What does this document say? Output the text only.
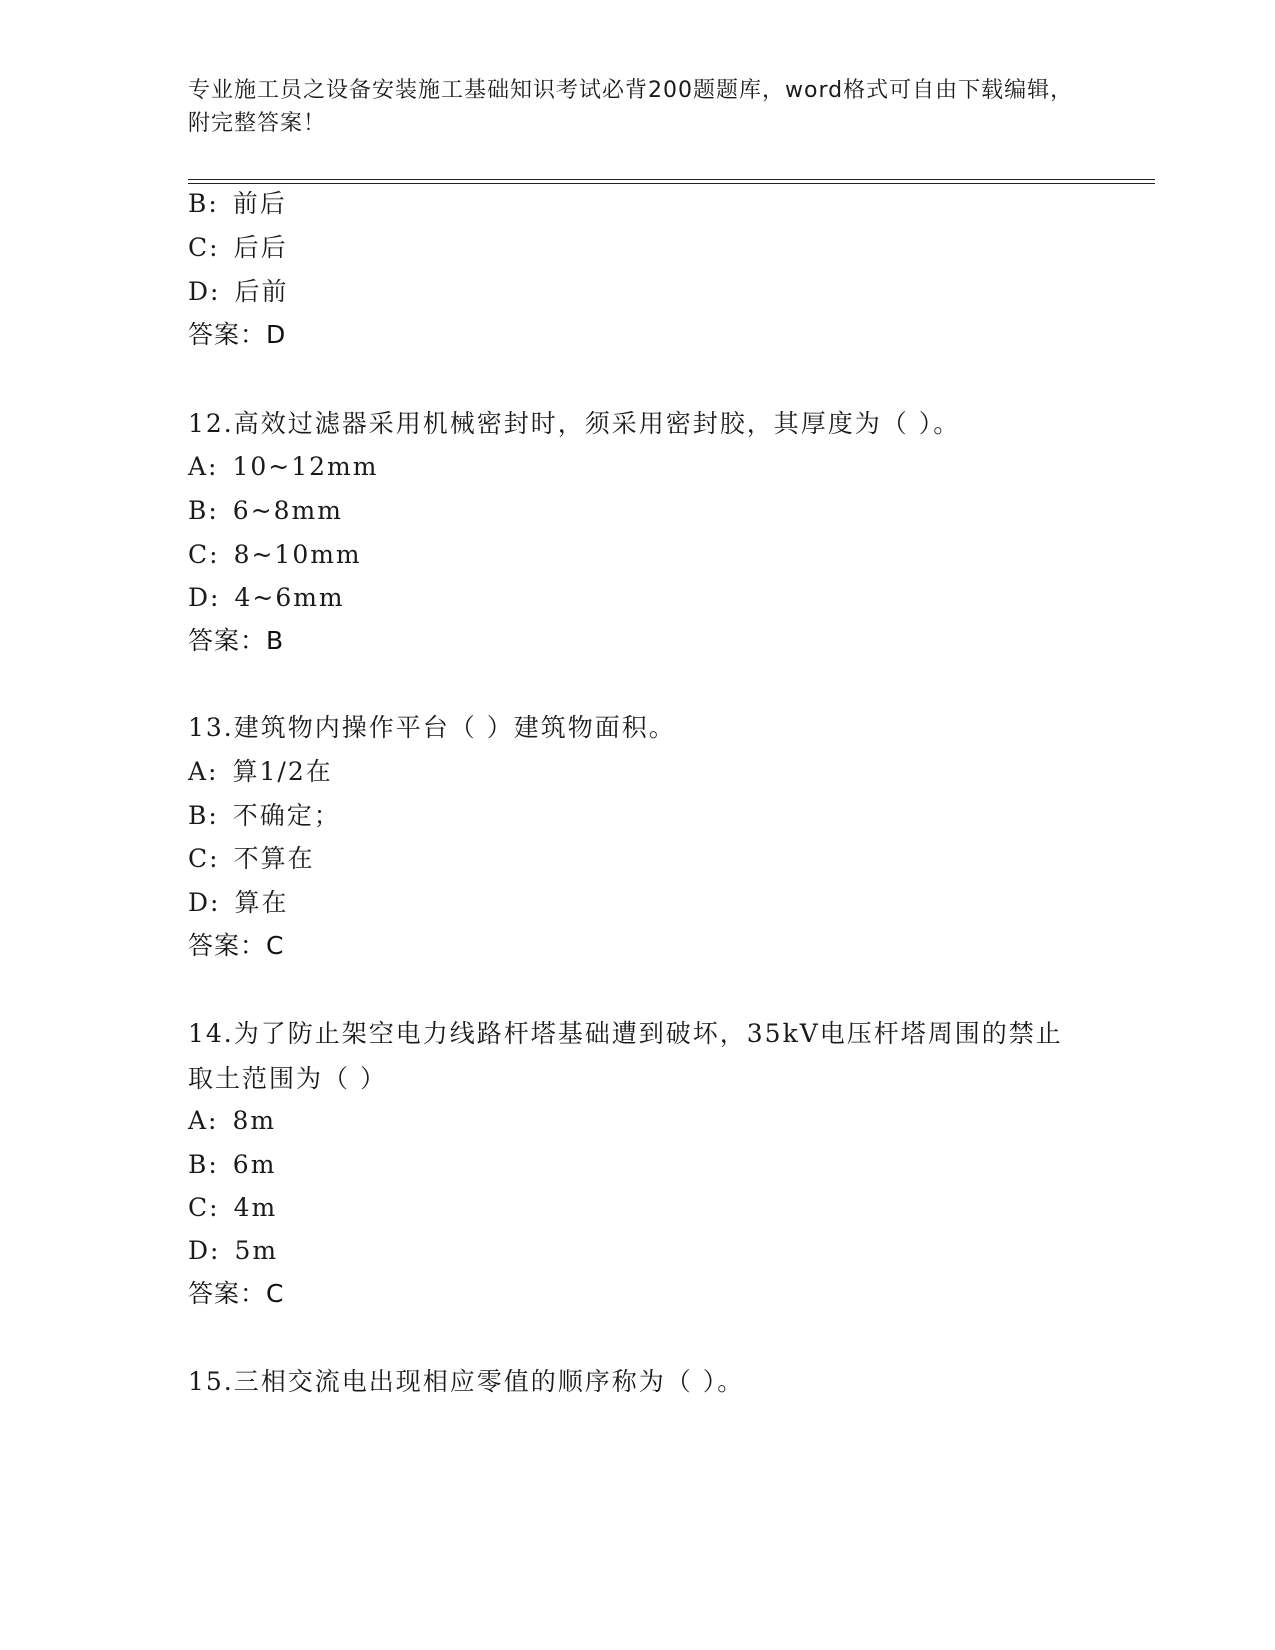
专业施工员之设备安装施工基础知识考试必背200题题库，word格式可自由下载编辑，附完整答案！
B: 前后
C: 后后
D: 后前
答案：D
12.高效过滤器采用机械密封时，须采用密封胶，其厚度为（ ）。
A: 10~12mm
B: 6~8mm
C: 8~10mm
D: 4~6mm
答案：B
13.建筑物内操作平台（ ）建筑物面积。
A: 算1/2在
B: 不确定；
C: 不算在
D: 算在
答案：C
14.为了防止架空电力线路杆塔基础遭到破坏，35kV电压杆塔周围的禁止取土范围为（ ）
A: 8m
B: 6m
C: 4m
D: 5m
答案：C
15.三相交流电出现相应零值的顺序称为（ ）。
